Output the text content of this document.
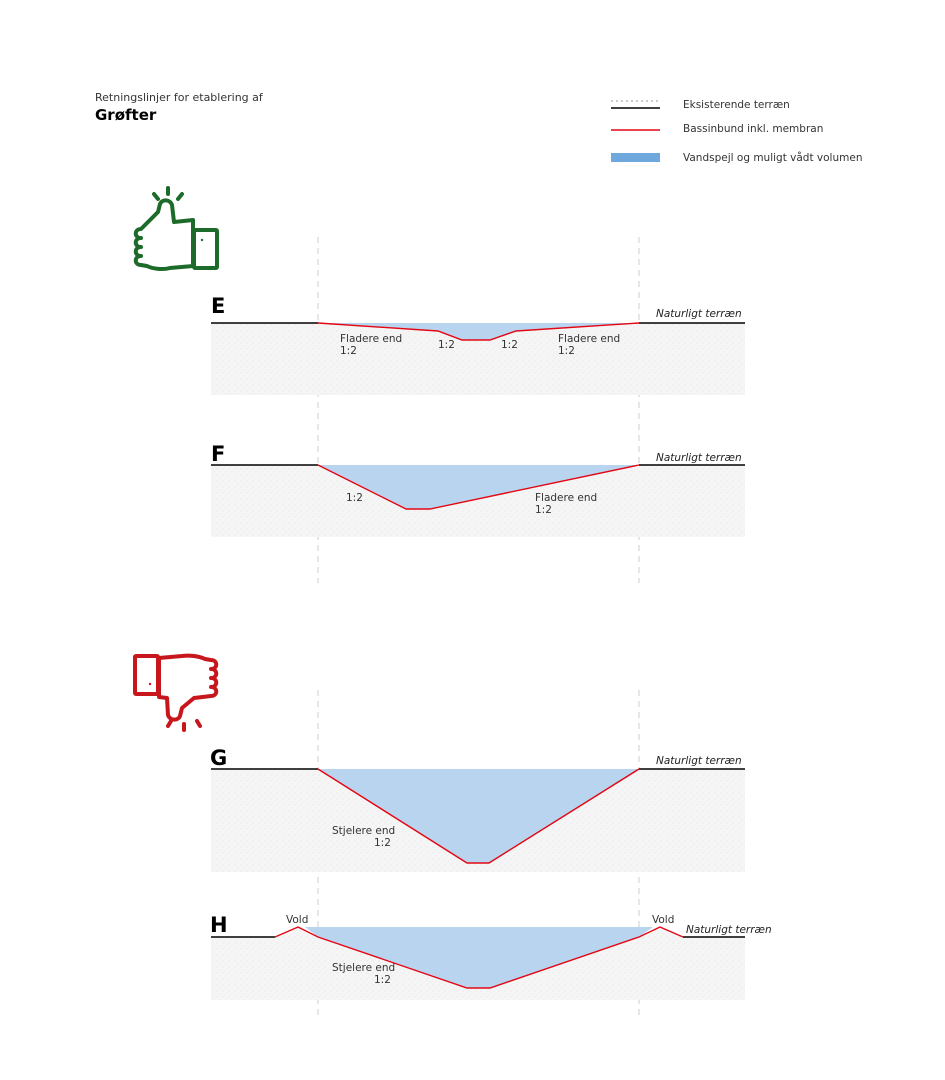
Retningslinjer for etablering af
Grøfter
Eksisterende terræn
Bassinbund inkl. membran
Vandspejl og muligt vådt volumen
E	Naturligt terræn
Fladere end
1:2	1:2	1:2	Fladere end
1:2
F	Naturligt terræn
1:2	Fladere end
1:2
G	Naturligt terræn
Stjelere end
1:2
H	Naturligt terræn
Vold	Vold
Stjelere end
1:2
